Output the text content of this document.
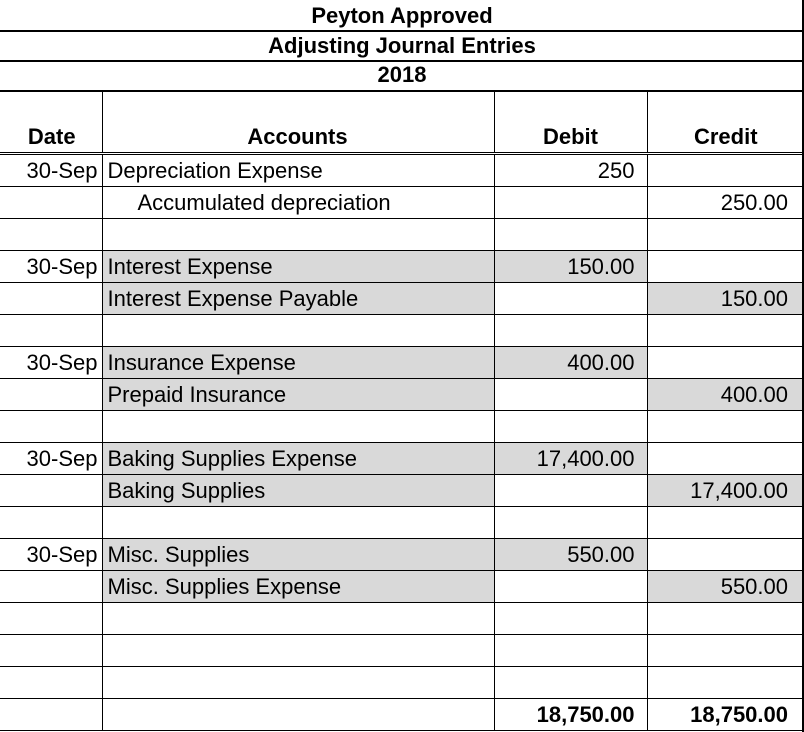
Peyton Approved
Adjusting Journal Entries
2018
Date	Accounts	Debit	Credit
30-Sep	Depreciation Expense	250	
	Accumulated depreciation		250.00

30-Sep	Interest Expense	150.00	
	Interest Expense Payable		150.00

30-Sep	Insurance Expense	400.00	
	Prepaid Insurance		400.00

30-Sep	Baking Supplies Expense	17,400.00	
	Baking Supplies		17,400.00

30-Sep	Misc. Supplies	550.00	
	Misc. Supplies Expense		550.00

		18,750.00	18,750.00
